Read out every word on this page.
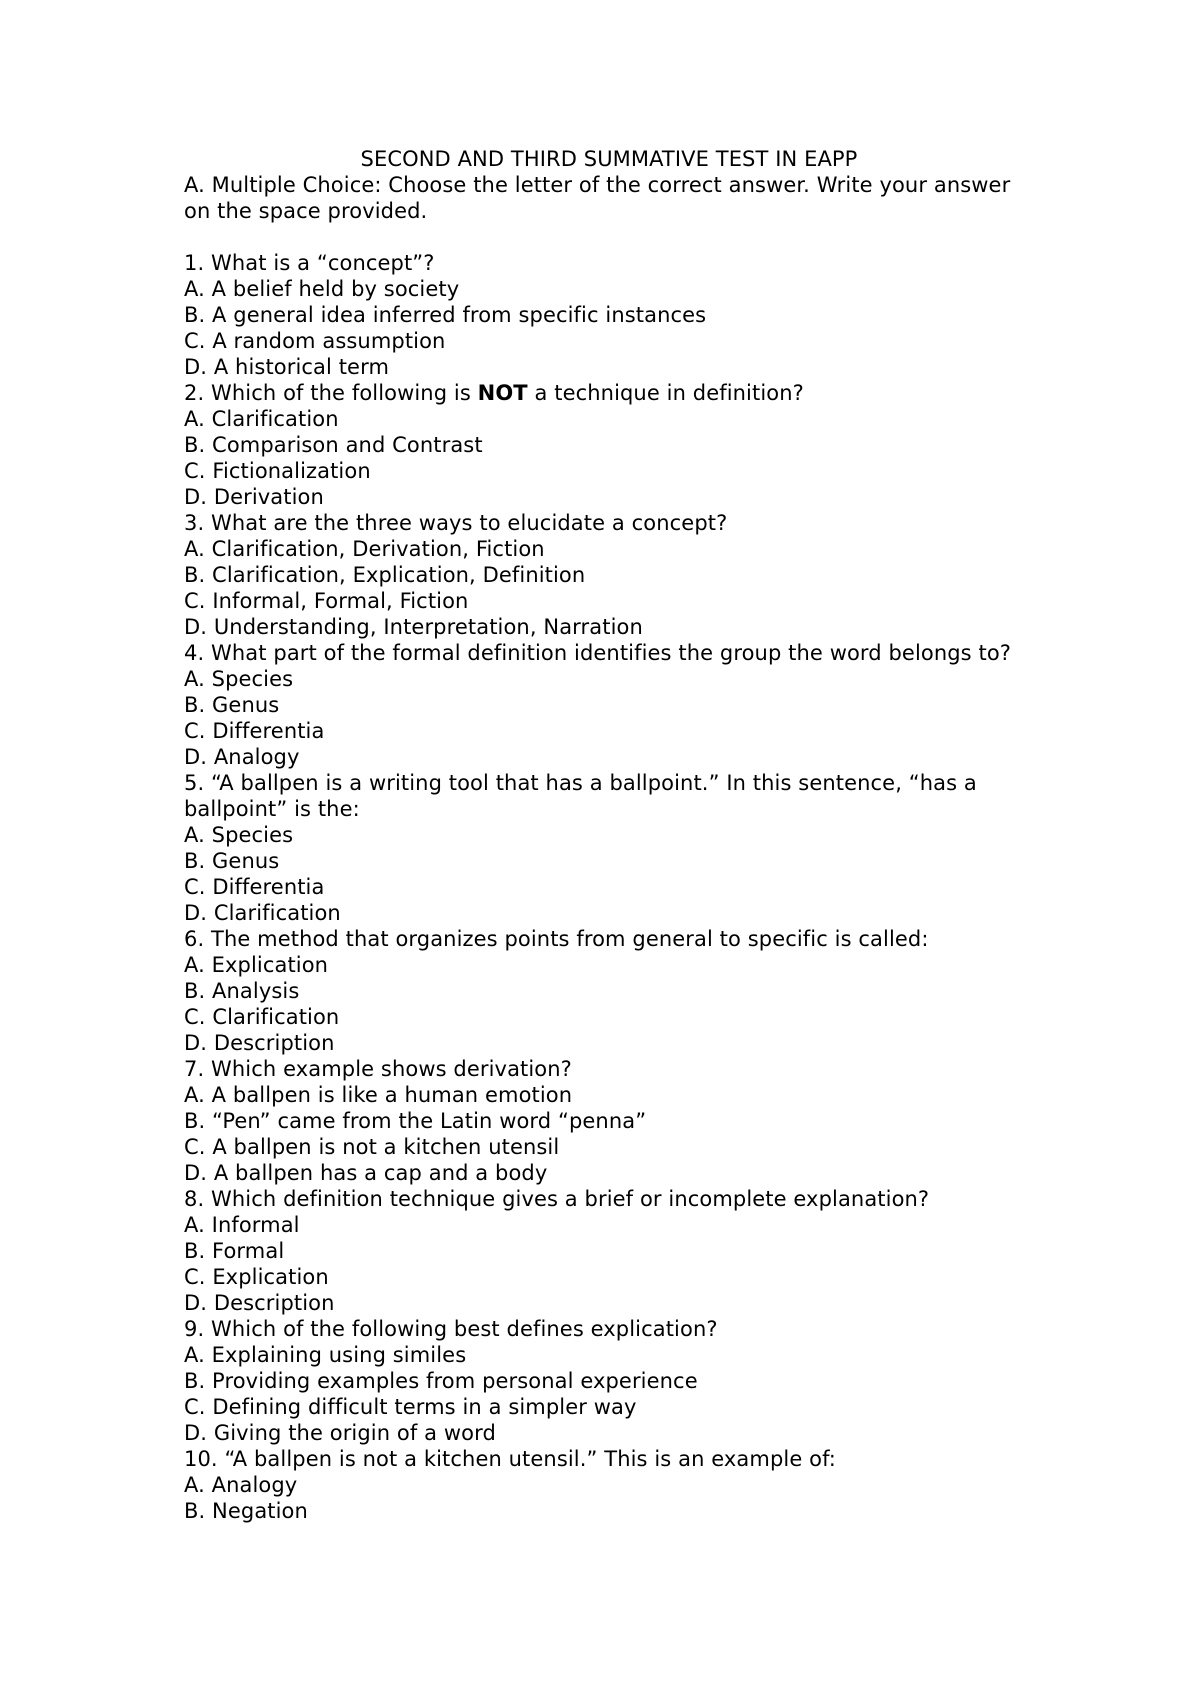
SECOND AND THIRD SUMMATIVE TEST IN EAPP

A. Multiple Choice: Choose the letter of the correct answer. Write your answer on the space provided.

1. What is a “concept”?

A. A belief held by society
B. A general idea inferred from specific instances
C. A random assumption
D. A historical term

2. Which of the following is NOT a technique in definition?

A. Clarification
B. Comparison and Contrast
C. Fictionalization
D. Derivation

3. What are the three ways to elucidate a concept?

A. Clarification, Derivation, Fiction
B. Clarification, Explication, Definition
C. Informal, Formal, Fiction
D. Understanding, Interpretation, Narration

4. What part of the formal definition identifies the group the word belongs to?

A. Species
B. Genus
C. Differentia
D. Analogy

5. “A ballpen is a writing tool that has a ballpoint.” In this sentence, “has a ballpoint” is the:

A. Species
B. Genus
C. Differentia
D. Clarification

6. The method that organizes points from general to specific is called:

A. Explication
B. Analysis
C. Clarification
D. Description

7. Which example shows derivation?

A. A ballpen is like a human emotion
B. “Pen” came from the Latin word “penna”
C. A ballpen is not a kitchen utensil
D. A ballpen has a cap and a body

8. Which definition technique gives a brief or incomplete explanation?

A. Informal
B. Formal
C. Explication
D. Description

9. Which of the following best defines explication?

A. Explaining using similes
B. Providing examples from personal experience
C. Defining difficult terms in a simpler way
D. Giving the origin of a word

10. “A ballpen is not a kitchen utensil.” This is an example of:

A. Analogy
B. Negation
